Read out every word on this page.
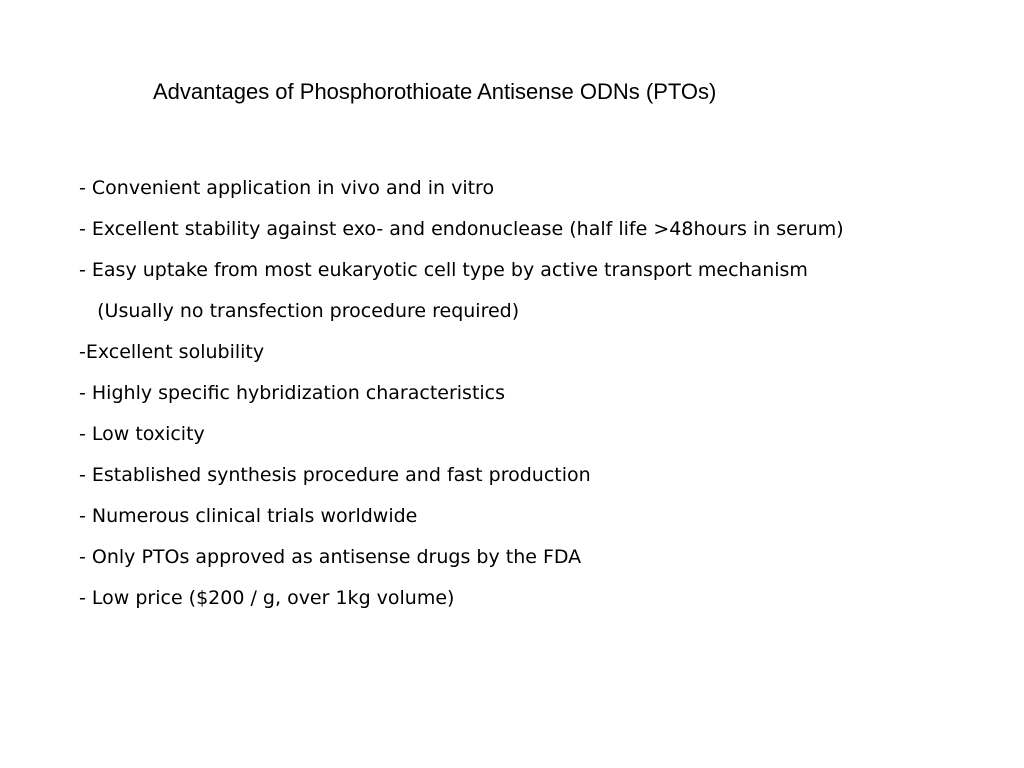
Advantages of Phosphorothioate Antisense ODNs (PTOs)
- Convenient application in vivo and in vitro
- Excellent stability against exo- and endonuclease (half life >48hours in serum)
- Easy uptake from most eukaryotic cell type by active transport mechanism
(Usually no transfection procedure required)
-Excellent solubility
- Highly specific hybridization characteristics
- Low toxicity
- Established synthesis procedure and fast production
- Numerous clinical trials worldwide
- Only PTOs approved as antisense drugs by the FDA
- Low price ($200 / g, over 1kg volume)
